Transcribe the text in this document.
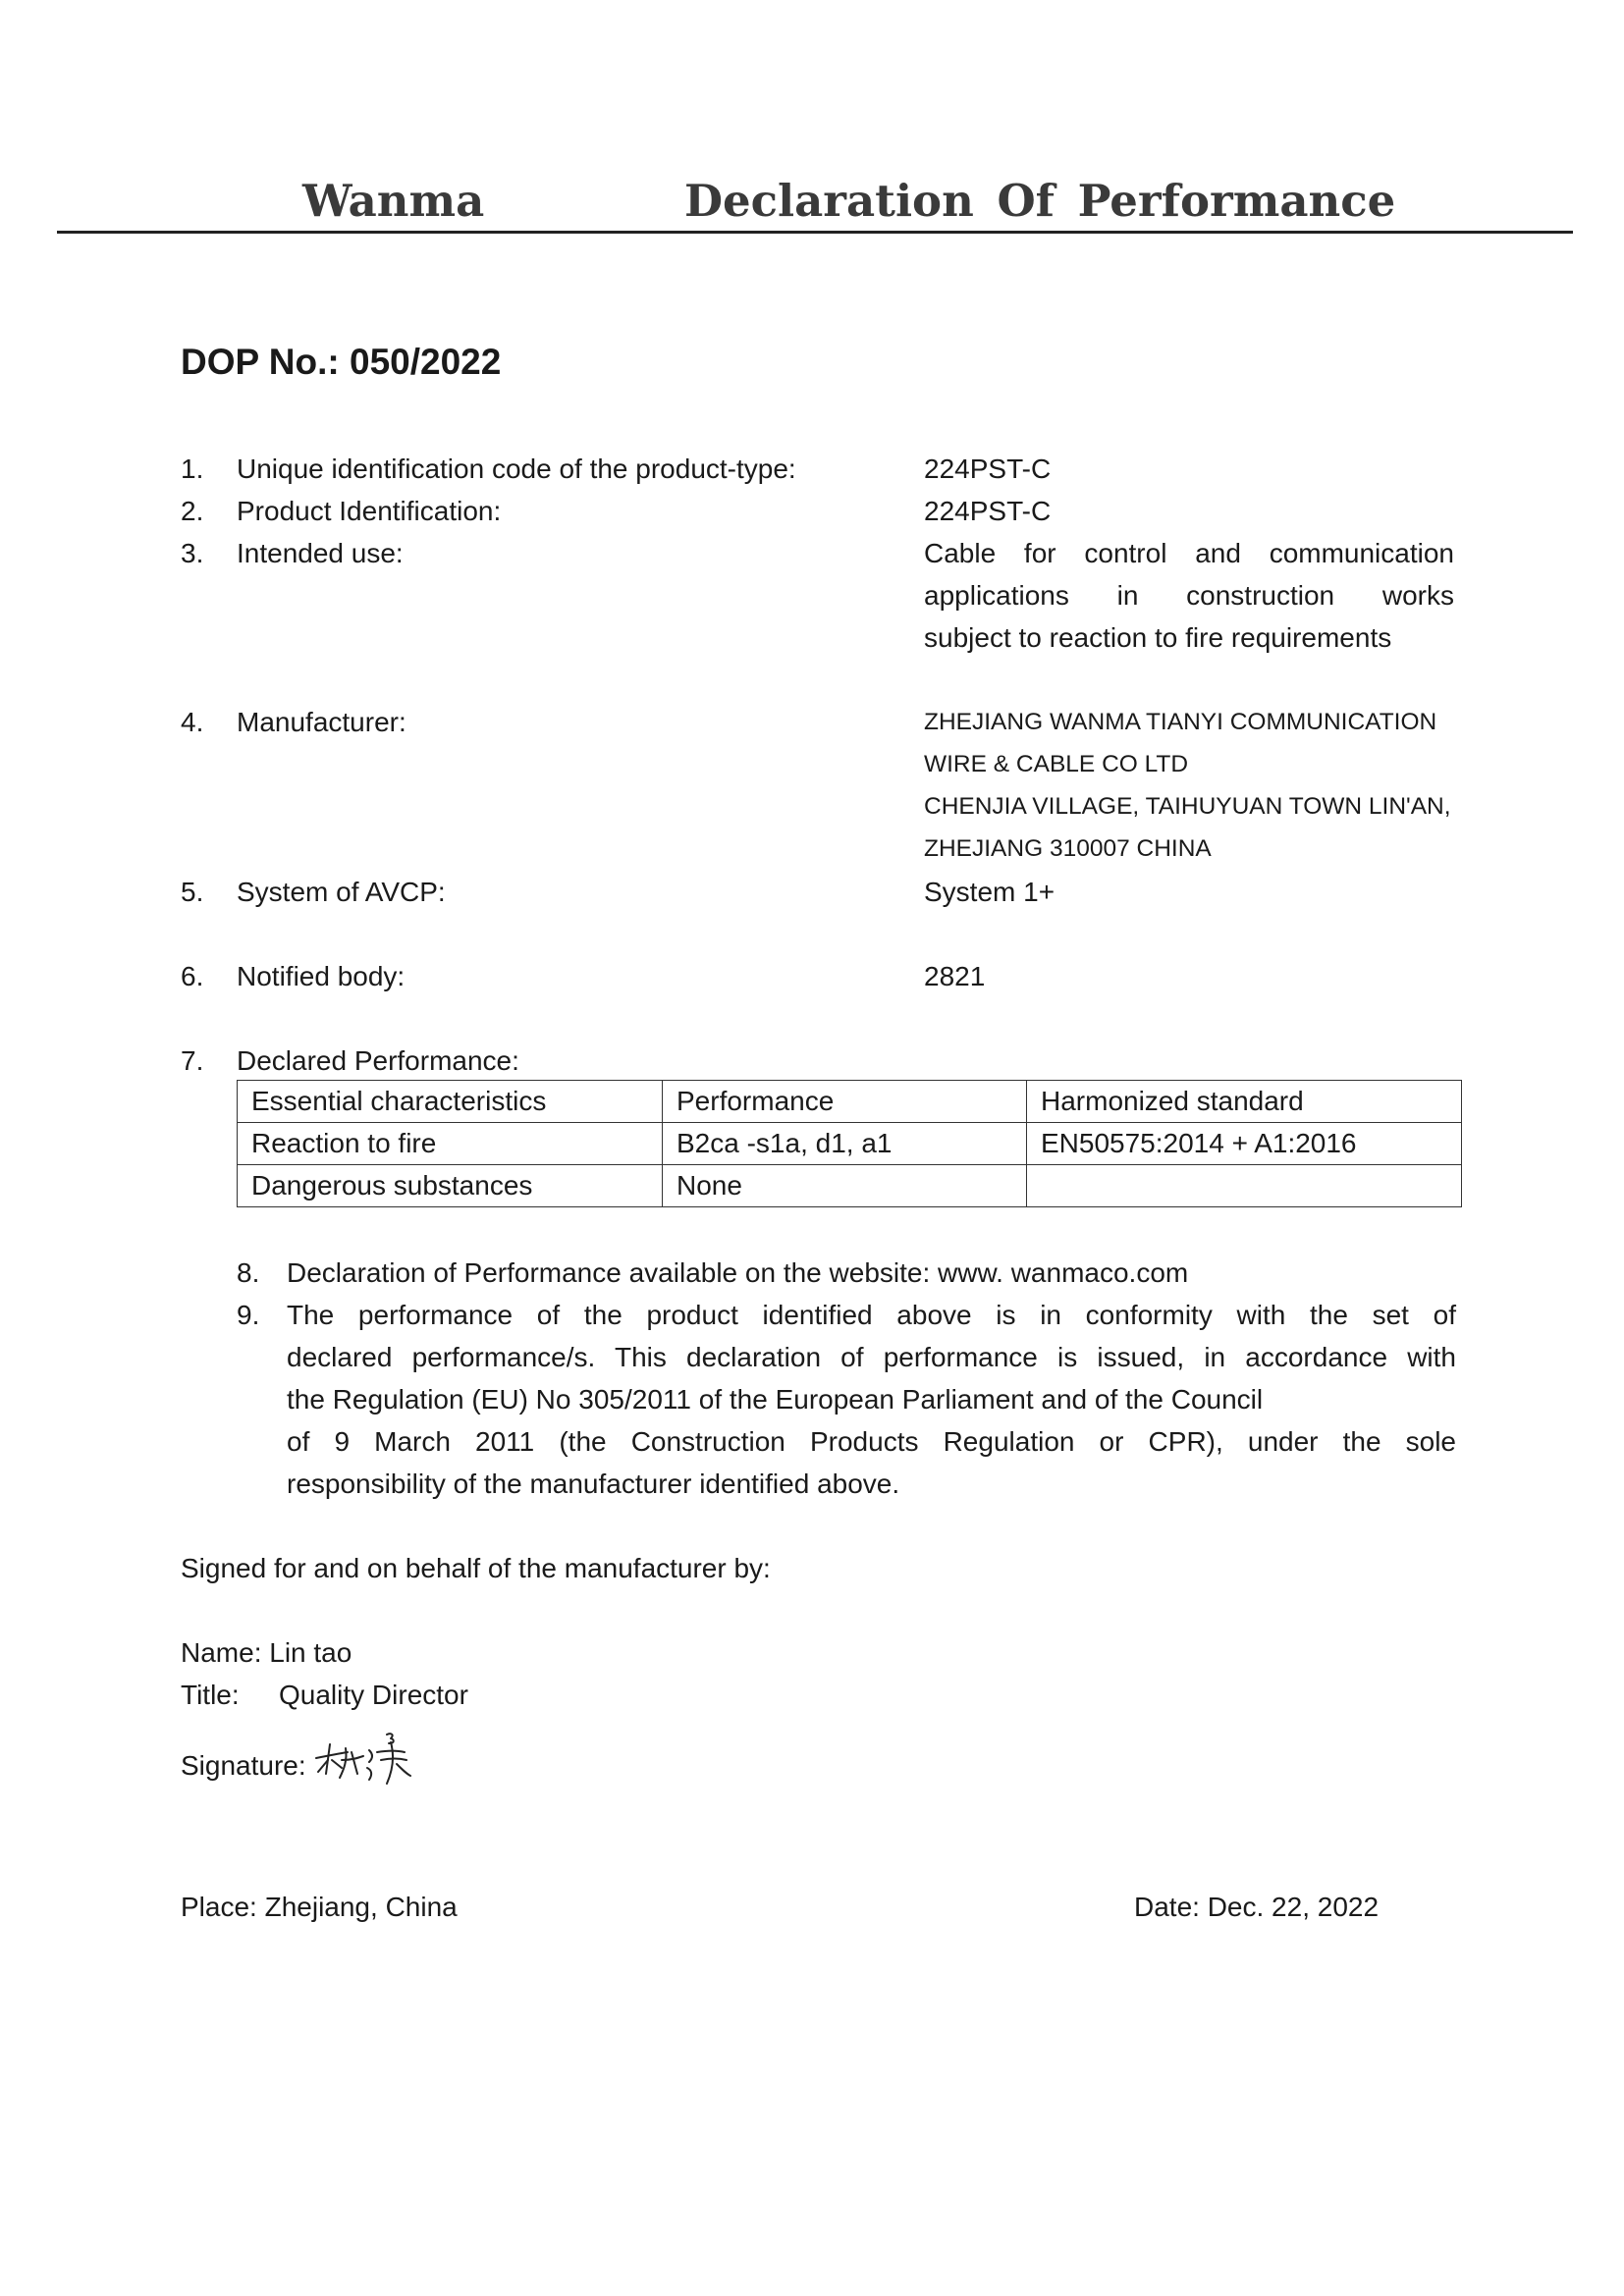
Wanma	Declaration Of Performance
DOP No.: 050/2022
1. Unique identification code of the product-type:	224PST-C
2. Product Identification:	224PST-C
3. Intended use:	Cable for control and communication
applications in construction works
subject to reaction to fire requirements
4. Manufacturer:	ZHEJIANG WANMA TIANYI COMMUNICATION
WIRE & CABLE CO LTD
CHENJIA VILLAGE, TAIHUYUAN TOWN LIN'AN,
ZHEJIANG 310007 CHINA
5. System of AVCP:	System 1+
6. Notified body:	2821
7. Declared Performance:
Essential characteristics	Performance	Harmonized standard
Reaction to fire	B2ca -s1a, d1, a1	EN50575:2014 + A1:2016
Dangerous substances	None	
8. Declaration of Performance available on the website: www. wanmaco.com
9. The performance of the product identified above is in conformity with the set of
declared performance/s. This declaration of performance is issued, in accordance with
the Regulation (EU) No 305/2011 of the European Parliament and of the Council
of 9 March 2011 (the Construction Products Regulation or CPR), under the sole
responsibility of the manufacturer identified above.
Signed for and on behalf of the manufacturer by:
Name: Lin tao
Title: Quality Director
Signature:
Place: Zhejiang, China	Date: Dec. 22, 2022
